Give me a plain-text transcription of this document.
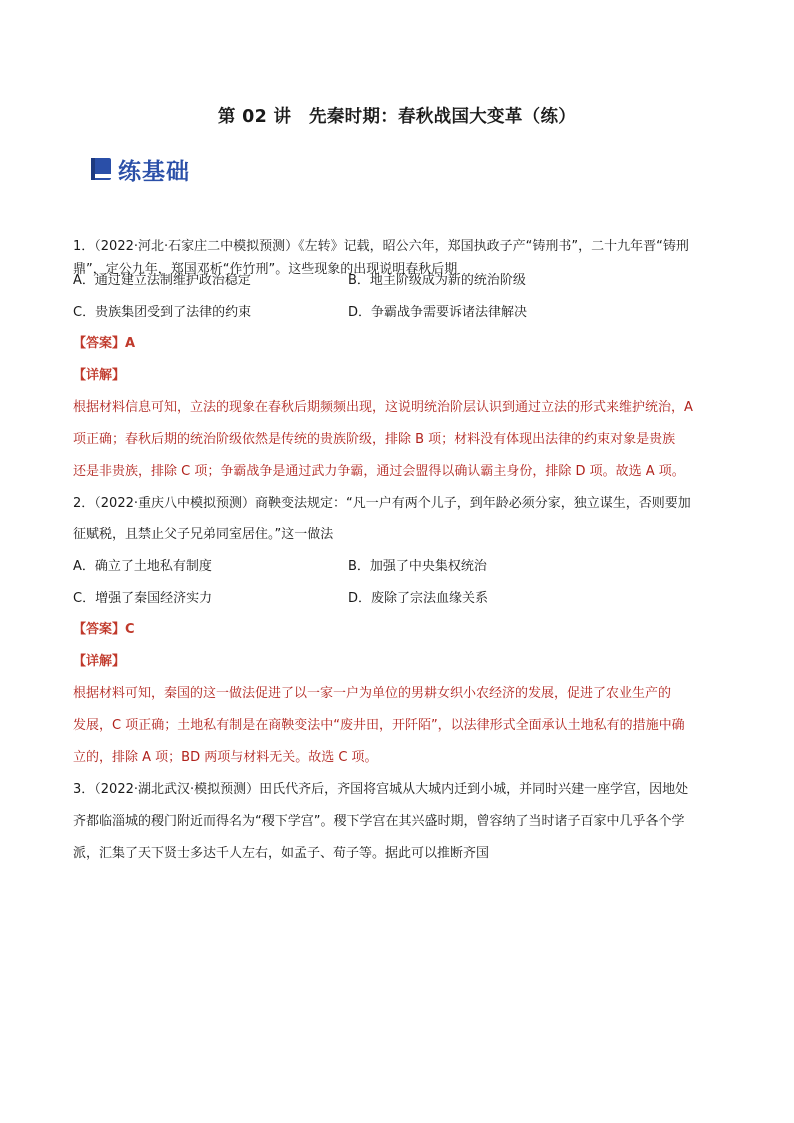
第 02 讲　先秦时期：春秋战国大变革（练）
练基础
1．（2022·河北·石家庄二中模拟预测）《左转》记载，昭公六年，郑国执政子产“铸刑书”，二十九年晋“铸刑
鼎”，定公九年，郑国邓析“作竹刑”。这些现象的出现说明春秋后期
A．通过建立法制维护政治稳定	B．地主阶级成为新的统治阶级
C．贵族集团受到了法律的约束	D．争霸战争需要诉诸法律解决
【答案】A
【详解】
根据材料信息可知，立法的现象在春秋后期频频出现，这说明统治阶层认识到通过立法的形式来维护统治，A
项正确；春秋后期的统治阶级依然是传统的贵族阶级，排除 B 项；材料没有体现出法律的约束对象是贵族
还是非贵族，排除 C 项；争霸战争是通过武力争霸，通过会盟得以确认霸主身份，排除 D 项。故选 A 项。
2．（2022·重庆八中模拟预测）商鞅变法规定：“凡一户有两个儿子，到年龄必须分家，独立谋生，否则要加
征赋税，且禁止父子兄弟同室居住。”这一做法
A．确立了土地私有制度	B．加强了中央集权统治
C．增强了秦国经济实力	D．废除了宗法血缘关系
【答案】C
【详解】
根据材料可知，秦国的这一做法促进了以一家一户为单位的男耕女织小农经济的发展，促进了农业生产的
发展，C 项正确；土地私有制是在商鞅变法中“废井田，开阡陌”，以法律形式全面承认土地私有的措施中确
立的，排除 A 项；BD 两项与材料无关。故选 C 项。
3．（2022·湖北武汉·模拟预测）田氏代齐后，齐国将宫城从大城内迁到小城，并同时兴建一座学宫，因地处
齐都临淄城的稷门附近而得名为“稷下学宫”。稷下学宫在其兴盛时期，曾容纳了当时诸子百家中几乎各个学
派，汇集了天下贤士多达千人左右，如孟子、荀子等。据此可以推断齐国
